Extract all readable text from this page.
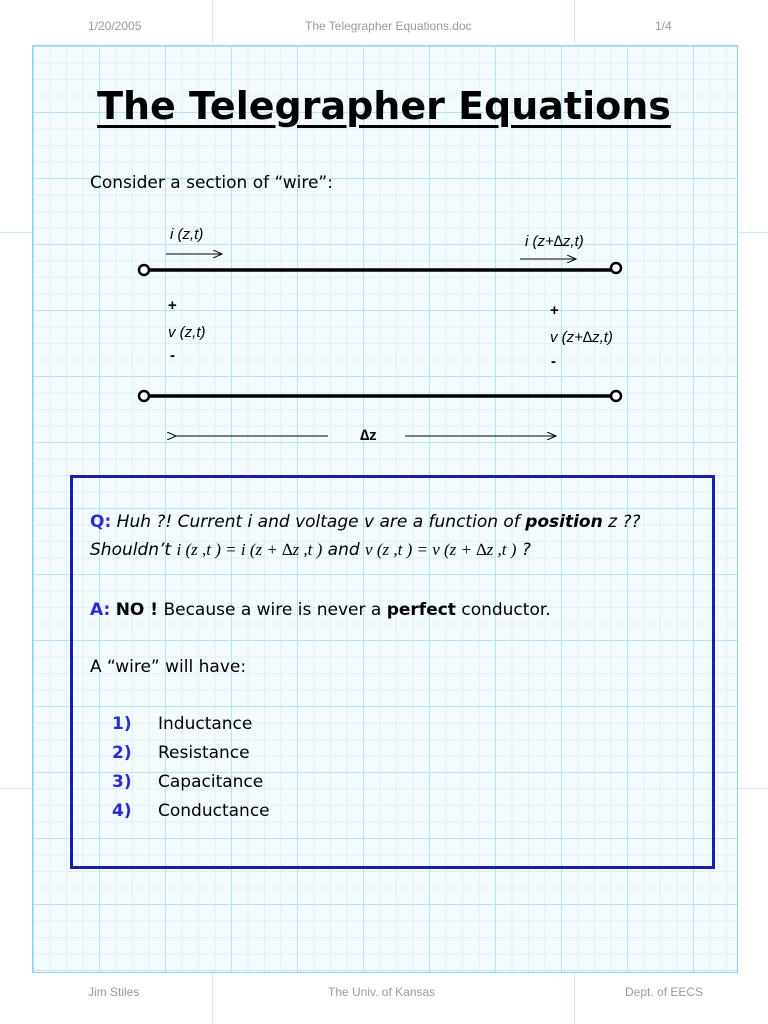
1/20/2005	The Telegrapher Equations.doc	1/4
The Telegrapher Equations
Consider a section of “wire”:
i (z,t)	i (z+∆z,t)
+
v (z,t)
-
+
v (z+∆z,t)
-
∆z
Q: Huh ?! Current i and voltage v are a function of position z ??
Shouldn’t i (z ,t ) = i (z + ∆z ,t ) and v (z ,t ) = v (z + ∆z ,t ) ?
A: NO ! Because a wire is never a perfect conductor.
A “wire” will have:
1) Inductance
2) Resistance
3) Capacitance
4) Conductance
Jim Stiles	The Univ. of Kansas	Dept. of EECS
